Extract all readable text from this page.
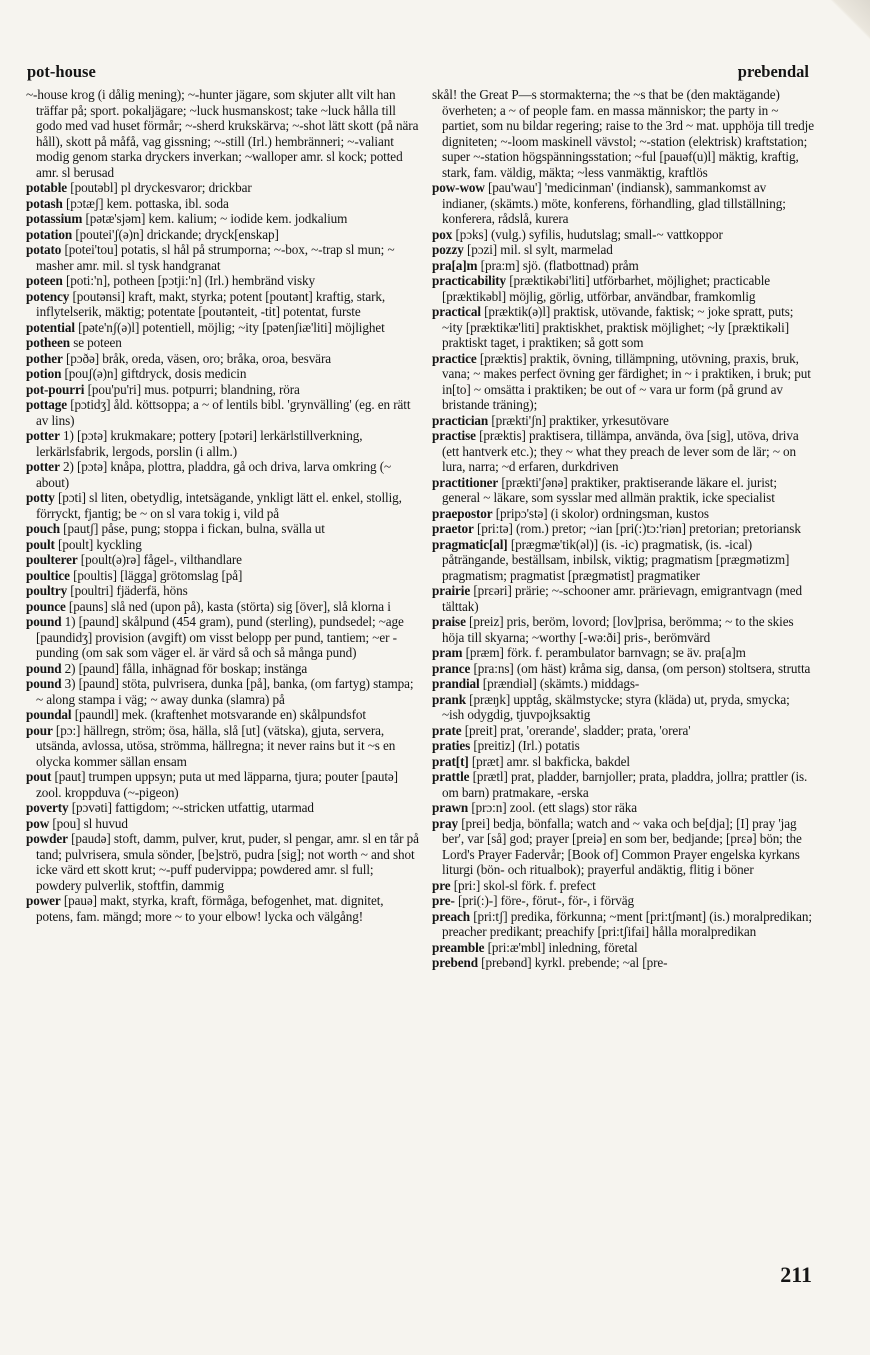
pot-house	prebendal

~-house krog (i dålig mening); ~-hunter jägare, som skjuter allt vilt han träffar på; sport. pokaljägare; ~luck husmanskost; take ~luck hålla till godo med vad huset förmår; ~-sherd krukskärva; ~-shot lätt skott (på nära håll), skott på måfå, vag gissning; ~-still (Irl.) hembränneri; ~-valiant modig genom starka dryckers inverkan; ~walloper amr. sl kock; potted amr. sl berusad

potable [poutəbl] pl dryckesvaror; drickbar

potash [pɔtæʃ] kem. pottaska, ibl. soda

potassium [pətæ'sjəm] kem. kalium; ~ iodide kem. jodkalium

potation [poutei'ʃ(ə)n] drickande; dryck[enskap]

potato [potei'tou] potatis, sl hål på strumporna; ~-box, ~-trap sl mun; ~ masher amr. mil. sl tysk handgranat

poteen [poti:'n], potheen [pɔtji:'n] (Irl.) hembränd visky

potency [poutənsi] kraft, makt, styrka; potent [poutənt] kraftig, stark, inflytelserik, mäktig; potentate [poutənteit, -tit] potentat, furste

potential [pəte'nʃ(ə)l] potentiell, möjlig; ~ity [pətenʃiæ'liti] möjlighet

potheen se poteen

pother [pɔðə] bråk, oreda, väsen, oro; bråka, oroa, besvära

potion [pouʃ(ə)n] giftdryck, dosis medicin

pot-pourri [pou'pu'ri] mus. potpurri; blandning, röra

pottage [pɔtidʒ] åld. köttsoppa; a ~ of lentils bibl. 'grynvälling' (eg. en rätt av lins)

potter 1) [pɔtə] krukmakare; pottery [pɔtəri] lerkärlstillverkning, lerkärlsfabrik, lergods, porslin (i allm.)

potter 2) [pɔtə] knåpa, plottra, pladdra, gå och driva, larva omkring (~ about)

potty [pɔti] sl liten, obetydlig, intetsägande, ynkligt lätt el. enkel, stollig, förryckt, fjantig; be ~ on sl vara tokig i, vild på

pouch [pautʃ] påse, pung; stoppa i fickan, bulna, svälla ut

poult [poult] kyckling

poulterer [poult(ə)rə] fågel-, vilthandlare

poultice [poultis] [lägga] grötomslag [på]

poultry [poultri] fjäderfä, höns

pounce [pauns] slå ned (upon på), kasta (störta) sig [över], slå klorna i

pound 1) [paund] skålpund (454 gram), pund (sterling), pundsedel; ~age [paundidʒ] provision (avgift) om visst belopp per pund, tantiem; ~er -punding (om sak som väger el. är värd så och så många pund)

pound 2) [paund] fålla, inhägnad för boskap; instänga

pound 3) [paund] stöta, pulvrisera, dunka [på], banka, (om fartyg) stampa; ~ along stampa i väg; ~ away dunka (slamra) på

poundal [paundl] mek. (kraftenhet motsvarande en) skålpundsfot

pour [pɔ:] hällregn, ström; ösa, hälla, slå [ut] (vätska), gjuta, servera, utsända, avlossa, utösa, strömma, hällregna; it never rains but it ~s en olycka kommer sällan ensam

pout [paut] trumpen uppsyn; puta ut med läpparna, tjura; pouter [pautə] zool. kroppduva (~-pigeon)

poverty [pɔvəti] fattigdom; ~-stricken utfattig, utarmad

pow [pou] sl huvud

powder [paudə] stoft, damm, pulver, krut, puder, sl pengar, amr. sl en tår på tand; pulvrisera, smula sönder, [be]strö, pudra [sig]; not worth ~ and shot icke värd ett skott krut; ~-puff pudervippa; powdered amr. sl full; powdery pulverlik, stoftfin, dammig

power [pauə] makt, styrka, kraft, förmåga, befogenhet, mat. dignitet, potens, fam. mängd; more ~ to your elbow! lycka och välgång!

skål! the Great P—s stormakterna; the ~s that be (den maktägande) överheten; a ~ of people fam. en massa människor; the party in ~ partiet, som nu bildar regering; raise to the 3rd ~ mat. upphöja till tredje digniteten; ~-loom maskinell vävstol; ~-station (elektrisk) kraftstation; super ~-station högspänningsstation; ~ful [pauəf(u)l] mäktig, kraftig, stark, fam. väldig, mäkta; ~less vanmäktig, kraftlös

pow-wow [pau'wau'] 'medicinman' (indiansk), sammankomst av indianer, (skämts.) möte, konferens, förhandling, glad tillställning; konferera, rådslå, kurera

pox [pɔks] (vulg.) syfilis, hudutslag; small-~ vattkoppor

pozzy [pɔzi] mil. sl sylt, marmelad

pra[a]m [pra:m] sjö. (flatbottnad) pråm

practicability [præktikəbi'liti] utförbarhet, möjlighet; practicable [præktikəbl] möjlig, görlig, utförbar, användbar, framkomlig

practical [præktik(ə)l] praktisk, utövande, faktisk; ~ joke spratt, puts; ~ity [præktikæ'liti] praktiskhet, praktisk möjlighet; ~ly [præktikəli] praktiskt taget, i praktiken; så gott som

practice [præktis] praktik, övning, tillämpning, utövning, praxis, bruk, vana; ~ makes perfect övning ger färdighet; in ~ i praktiken, i bruk; put in[to] ~ omsätta i praktiken; be out of ~ vara ur form (på grund av bristande träning);

practician [prækti'ʃn] praktiker, yrkesutövare

practise [præktis] praktisera, tillämpa, använda, öva [sig], utöva, driva (ett hantverk etc.); they ~ what they preach de lever som de lär; ~ on lura, narra; ~d erfaren, durkdriven

practitioner [prækti'ʃənə] praktiker, praktiserande läkare el. jurist; general ~ läkare, som sysslar med allmän praktik, icke specialist

praepostor [pripɔ'stə] (i skolor) ordningsman, kustos

praetor [pri:tə] (rom.) pretor; ~ian [pri(:)tɔ:'riən] pretorian; pretoriansk

pragmatic[al] [prægmæ'tik(əl)] (is. -ic) pragmatisk, (is. -ical) påträngande, beställsam, inbilsk, viktig; pragmatism [prægmətizm] pragmatism; pragmatist [prægmətist] pragmatiker

prairie [prɛəri] prärie; ~-schooner amr. prärievagn, emigrantvagn (med tälttak)

praise [preiz] pris, beröm, lovord; [lov]prisa, berömma; ~ to the skies höja till skyarna; ~worthy [-wə:ði] pris-, berömvärd

pram [præm] förk. f. perambulator barnvagn; se äv. pra[a]m

prance [pra:ns] (om häst) kråma sig, dansa, (om person) stoltsera, strutta

prandial [prændiəl] (skämts.) middags-

prank [præŋk] upptåg, skälmstycke; styra (kläda) ut, pryda, smycka; ~ish odygdig, tjuvpojksaktig

prate [preit] prat, 'orerande', sladder; prata, 'orera'

praties [preitiz] (Irl.) potatis

prat[t] [præt] amr. sl bakficka, bakdel

prattle [prætl] prat, pladder, barnjoller; prata, pladdra, jollra; prattler (is. om barn) pratmakare, -erska

prawn [prɔ:n] zool. (ett slags) stor räka

pray [prei] bedja, bönfalla; watch and ~ vaka och be[dja]; [I] pray 'jag ber', var [så] god; prayer [preiə] en som ber, bedjande; [prɛə] bön; the Lord's Prayer Fadervår; [Book of] Common Prayer engelska kyrkans liturgi (bön- och ritualbok); prayerful andäktig, flitig i böner

pre [pri:] skol-sl förk. f. prefect

pre- [pri(:)-] före-, förut-, för-, i förväg

preach [pri:tʃ] predika, förkunna; ~ment [pri:tʃmənt] (is.) moralpredikan; preacher predikant; preachify [pri:tʃifai] hålla moralpredikan

preamble [pri:æ'mbl] inledning, företal

prebend [prebənd] kyrkl. prebende; ~al [pre-

211
